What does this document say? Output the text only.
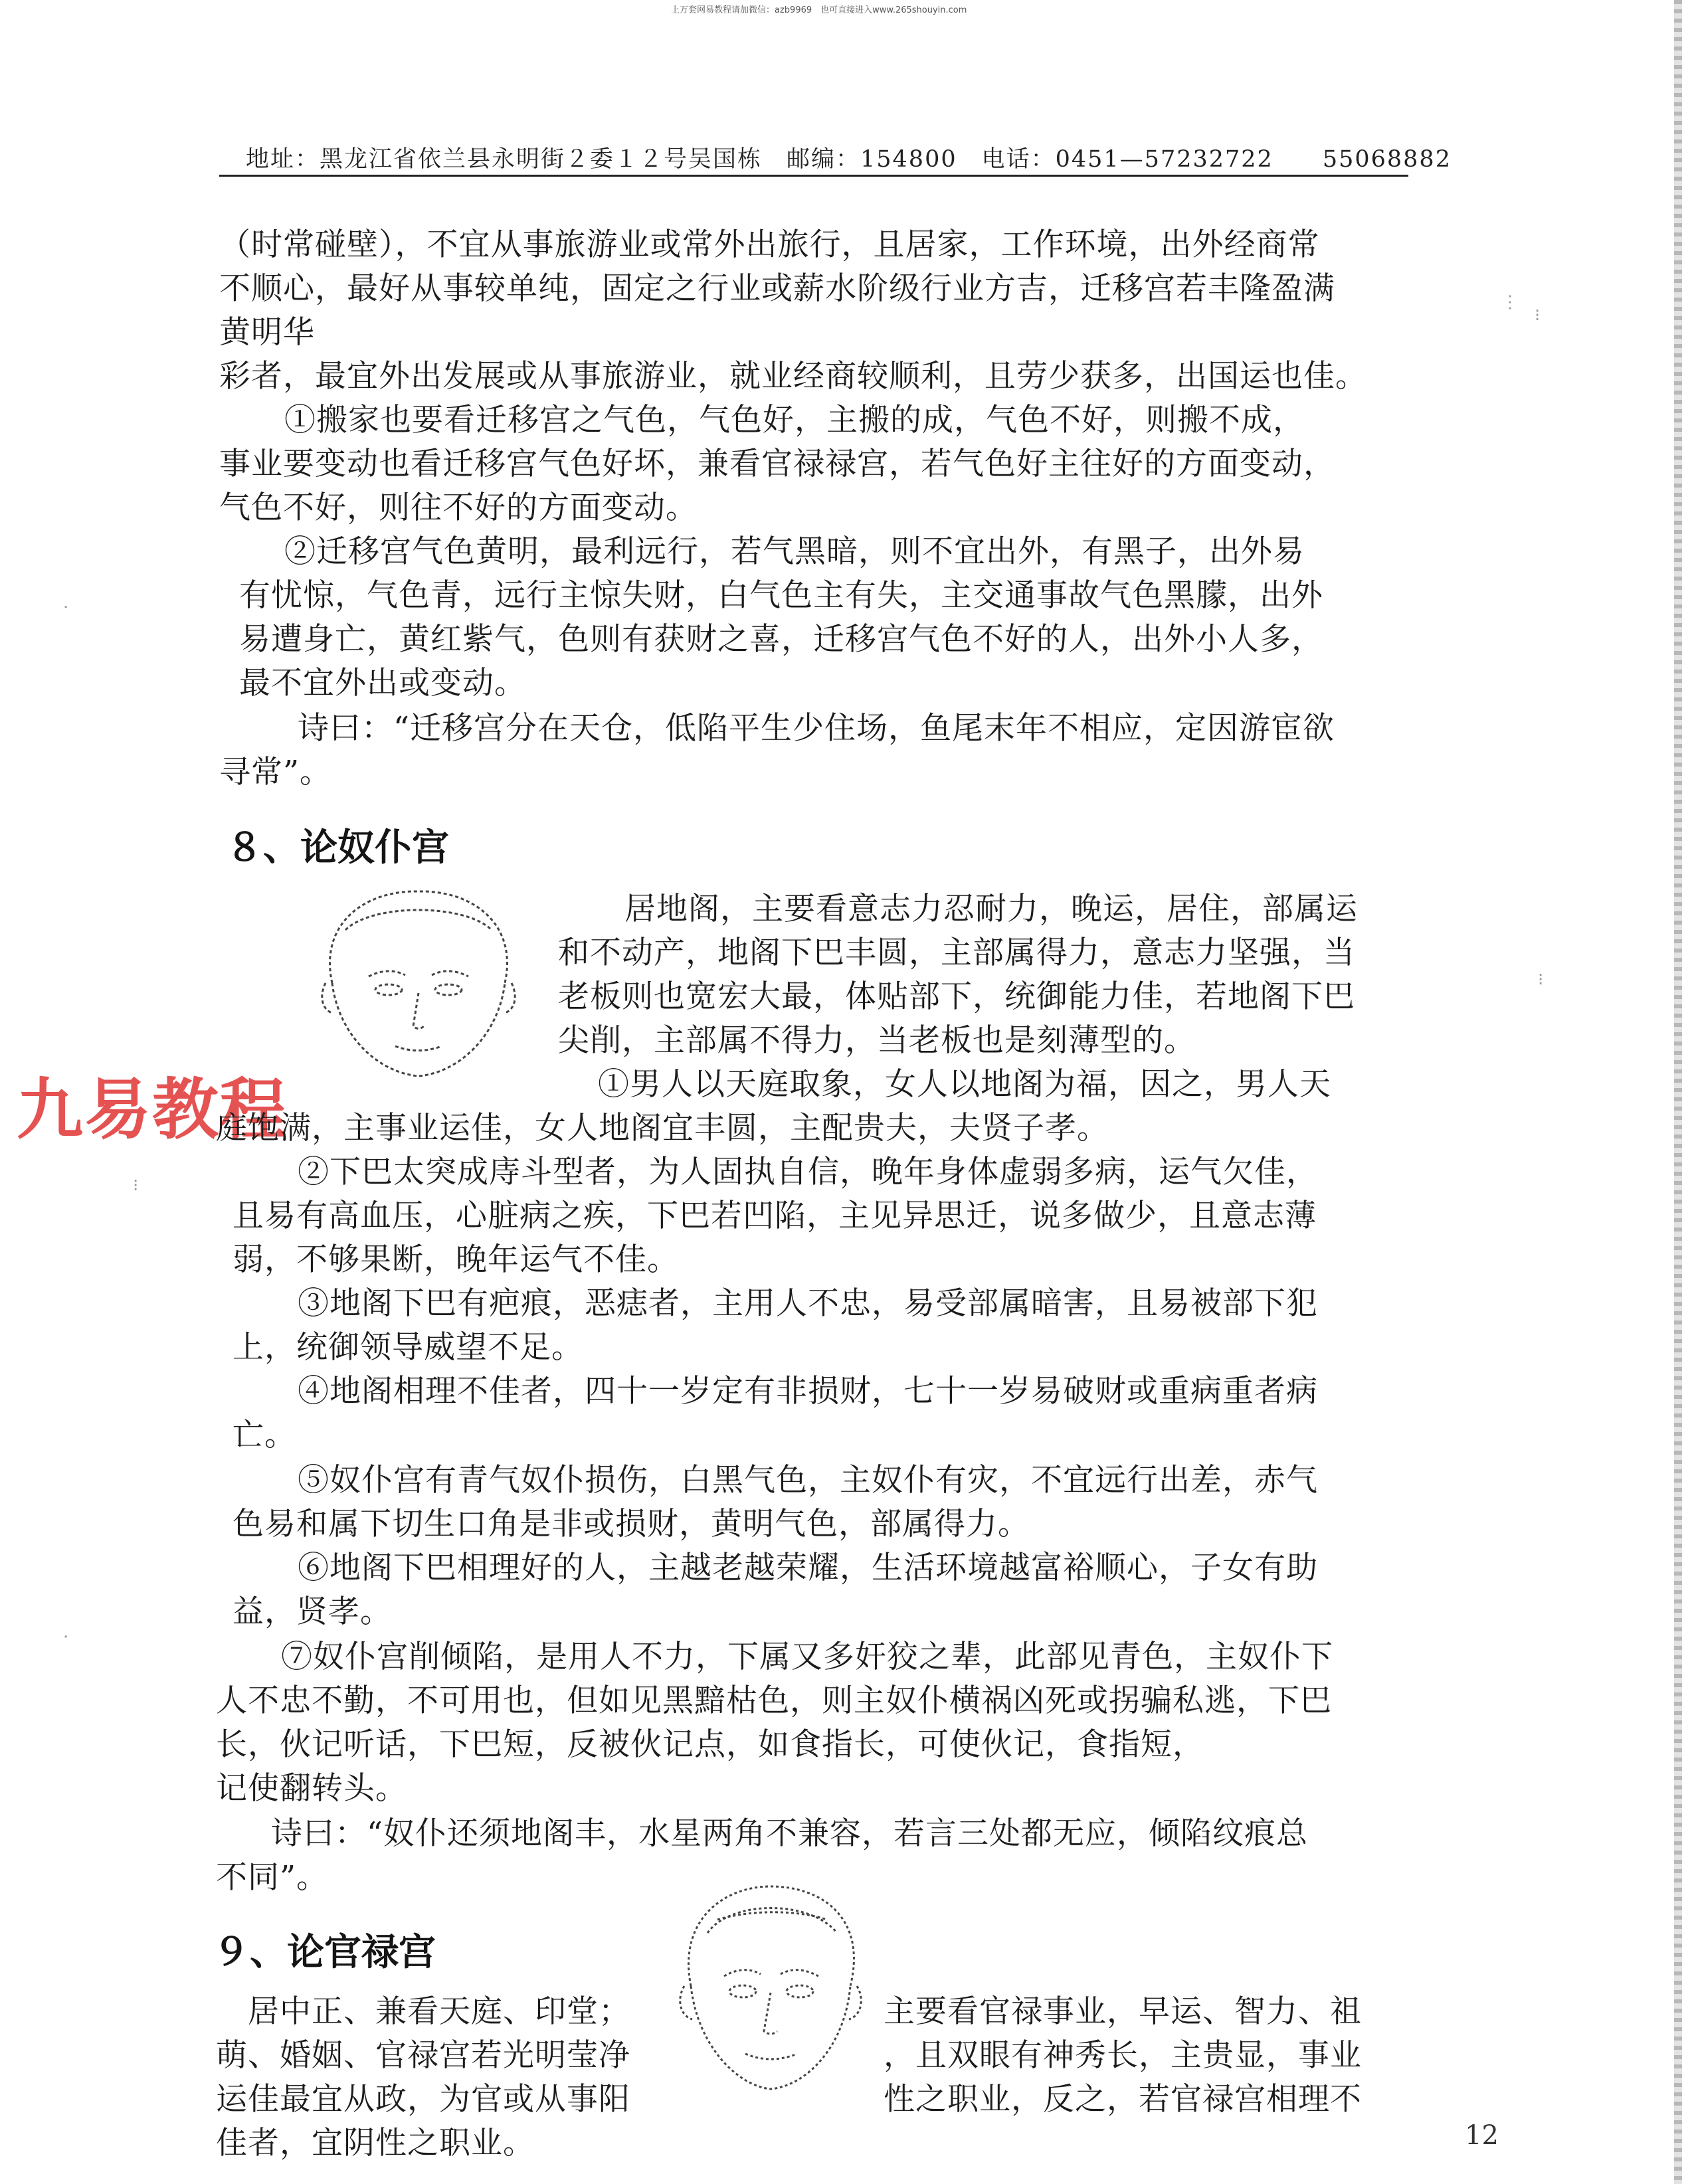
上万套网易教程请加微信：azb9969　也可直接进入www.265shouyin.com
地址：黑龙江省依兰县永明街２委１２号吴国栋　邮编：154800　电话：0451—57232722　　55068882
（时常碰壁），不宜从事旅游业或常外出旅行，且居家，工作环境，出外经商常
不顺心，最好从事较单纯，固定之行业或薪水阶级行业方吉，迁移宫若丰隆盈满
黄明华
彩者，最宜外出发展或从事旅游业，就业经商较顺利，且劳少获多，出国运也佳。
　①搬家也要看迁移宫之气色，气色好，主搬的成，气色不好，则搬不成，
事业要变动也看迁移宫气色好坏，兼看官禄禄宫，若气色好主往好的方面变动，
气色不好，则往不好的方面变动。
　②迁移宫气色黄明，最利远行，若气黑暗，则不宜出外，有黑子，出外易
有忧惊，气色青，远行主惊失财，白气色主有失，主交通事故气色黑朦，出外
易遭身亡，黄红紫气，色则有获财之喜，迁移宫气色不好的人，出外小人多，
最不宜外出或变动。
　诗曰：“迁移宫分在天仓，低陷平生少住场，鱼尾末年不相应，定因游宦欲
寻常”。
８、论奴仆宫
居地阁，主要看意志力忍耐力，晚运，居住，部属运
和不动产，地阁下巴丰圆，主部属得力，意志力坚强，当
老板则也宽宏大最，体贴部下，统御能力佳，若地阁下巴
尖削，主部属不得力，当老板也是刻薄型的。
①男人以天庭取象，女人以地阁为福，因之，男人天
九易教程
庭饱满，主事业运佳，女人地阁宜丰圆，主配贵夫，夫贤子孝。
　②下巴太突成庤斗型者，为人固执自信，晚年身体虚弱多病，运气欠佳，
且易有高血压，心脏病之疾，下巴若凹陷，主见异思迁，说多做少，且意志薄
弱，不够果断，晚年运气不佳。
　③地阁下巴有疤痕，恶痣者，主用人不忠，易受部属暗害，且易被部下犯
上，统御领导威望不足。
　④地阁相理不佳者，四十一岁定有非损财，七十一岁易破财或重病重者病
亡。
　⑤奴仆宫有青气奴仆损伤，白黑气色，主奴仆有灾，不宜远行出差，赤气
色易和属下切生口角是非或损财，黄明气色，部属得力。
　⑥地阁下巴相理好的人，主越老越荣耀，生活环境越富裕顺心，子女有助
益，贤孝。
　⑦奴仆宫削倾陷，是用人不力，下属又多奸狡之辈，此部见青色，主奴仆下
人不忠不勤，不可用也，但如见黑黯枯色，则主奴仆横祸凶死或拐骗私逃，下巴
长，伙记听话，下巴短，反被伙记点，如食指长，可使伙记，食指短，
记使翻转头。
　诗曰：“奴仆还须地阁丰，水星两角不兼容，若言三处都无应，倾陷纹痕总
不同”。
９、论官禄宫
　居中正、兼看天庭、印堂；
萌、婚姻、官禄宫若光明莹净
运佳最宜从政，为官或从事阳
佳者，宜阴性之职业。
主要看官禄事业，早运、智力、祖
，且双眼有神秀长，主贵显，事业
性之职业，反之，若官禄宫相理不
12
⋮
⁝
⁝
⁝
·
·
